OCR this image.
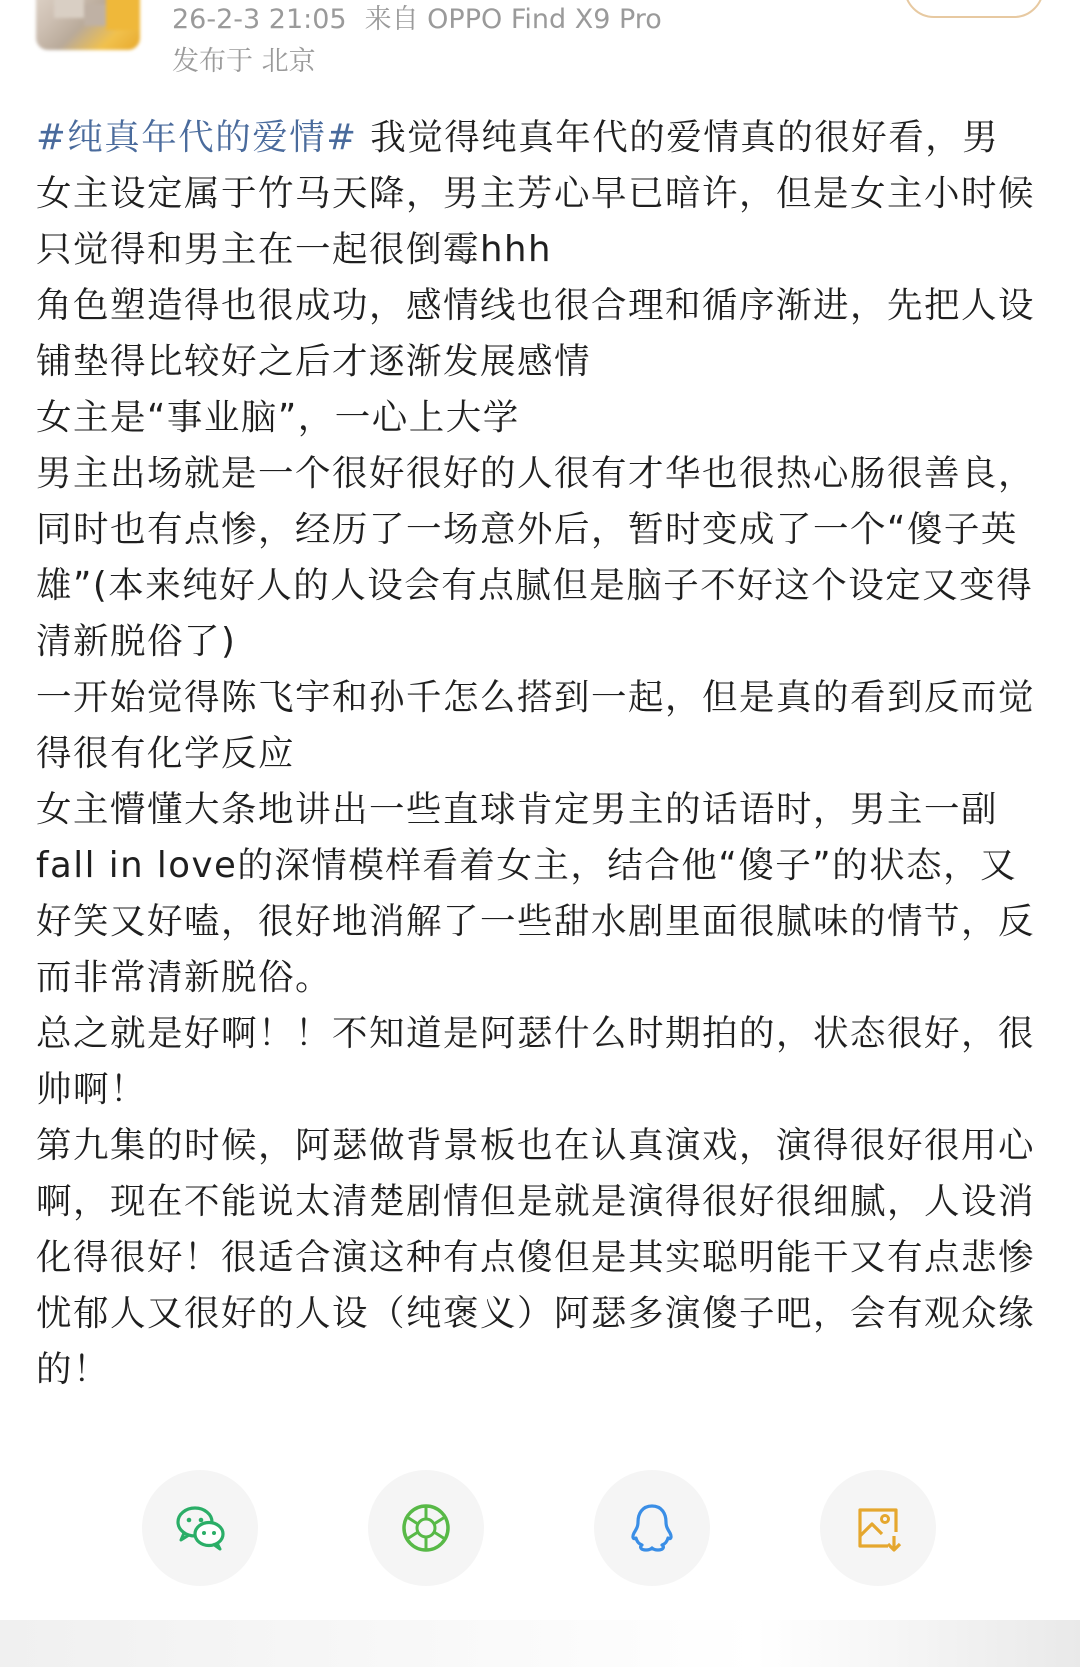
26-2-3 21:05 来自 OPPO Find X9 Pro
发布于 北京

#纯真年代的爱情# 我觉得纯真年代的爱情真的很好看，男女主设定属于竹马天降，男主芳心早已暗许，但是女主小时候只觉得和男主在一起很倒霉hhh

角色塑造得也很成功，感情线也很合理和循序渐进，先把人设铺垫得比较好之后才逐渐发展感情

女主是“事业脑”，一心上大学

男主出场就是一个很好很好的人很有才华也很热心肠很善良，同时也有点惨，经历了一场意外后，暂时变成了一个“傻子英雄”(本来纯好人的人设会有点腻但是脑子不好这个设定又变得清新脱俗了)

一开始觉得陈飞宇和孙千怎么搭到一起，但是真的看到反而觉得很有化学反应

女主懵懂大条地讲出一些直球肯定男主的话语时，男主一副fall in love的深情模样看着女主，结合他“傻子”的状态，又好笑又好嗑，很好地消解了一些甜水剧里面很腻味的情节，反而非常清新脱俗。

总之就是好啊！！不知道是阿瑟什么时期拍的，状态很好，很帅啊！

第九集的时候，阿瑟做背景板也在认真演戏，演得很好很用心啊，现在不能说太清楚剧情但是就是演得很好很细腻，人设消化得很好！很适合演这种有点傻但是其实聪明能干又有点悲惨忧郁人又很好的人设（纯褒义）阿瑟多演傻子吧，会有观众缘的！
